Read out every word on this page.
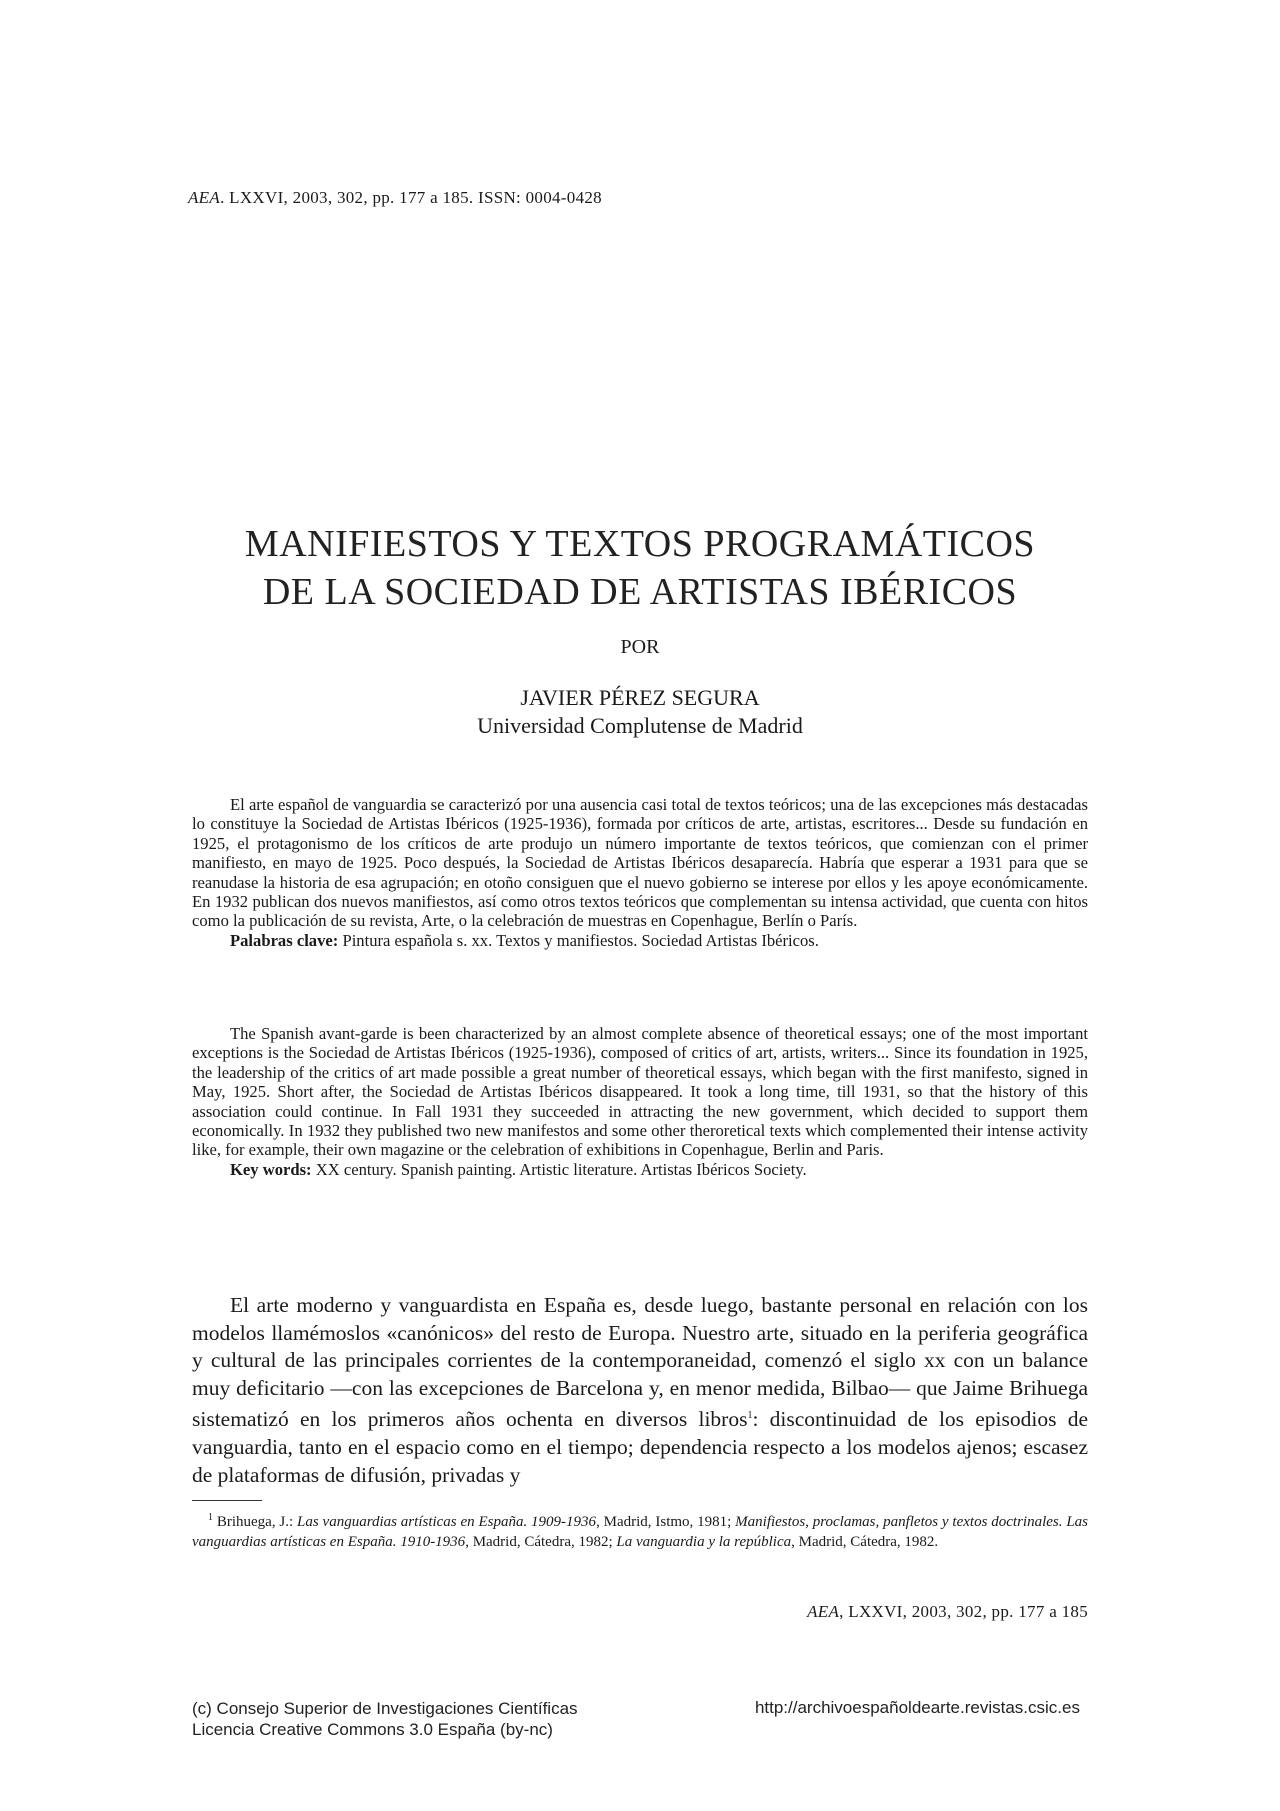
AEA. LXXVI, 2003, 302, pp. 177 a 185. ISSN: 0004-0428
MANIFIESTOS Y TEXTOS PROGRAMÁTICOS
DE LA SOCIEDAD DE ARTISTAS IBÉRICOS
POR
JAVIER PÉREZ SEGURA
Universidad Complutense de Madrid

El arte español de vanguardia se caracterizó por una ausencia casi total de textos teóricos; una de las excepciones más destacadas lo constituye la Sociedad de Artistas Ibéricos (1925-1936), formada por críticos de arte, artistas, escritores... Desde su fundación en 1925, el protagonismo de los críticos de arte produjo un número importante de textos teóricos, que comienzan con el primer manifiesto, en mayo de 1925. Poco después, la Sociedad de Artistas Ibéricos desaparecía. Habría que esperar a 1931 para que se reanudase la historia de esa agrupación; en otoño consiguen que el nuevo gobierno se interese por ellos y les apoye económicamente. En 1932 publican dos nuevos manifiestos, así como otros textos teóricos que complementan su intensa actividad, que cuenta con hitos como la publicación de su revista, Arte, o la celebración de muestras en Copenhague, Berlín o París.

Palabras clave: Pintura española s. xx. Textos y manifiestos. Sociedad Artistas Ibéricos.

The Spanish avant-garde is been characterized by an almost complete absence of theoretical essays; one of the most important exceptions is the Sociedad de Artistas Ibéricos (1925-1936), composed of critics of art, artists, writers... Since its foundation in 1925, the leadership of the critics of art made possible a great number of theoretical essays, which began with the first manifesto, signed in May, 1925. Short after, the Sociedad de Artistas Ibéricos disappeared. It took a long time, till 1931, so that the history of this association could continue. In Fall 1931 they succeeded in attracting the new government, which decided to support them economically. In 1932 they published two new manifestos and some other theroretical texts which complemented their intense activity like, for example, their own magazine or the celebration of exhibitions in Copenhague, Berlin and Paris.

Key words: XX century. Spanish painting. Artistic literature. Artistas Ibéricos Society.

El arte moderno y vanguardista en España es, desde luego, bastante personal en relación con los modelos llamémoslos «canónicos» del resto de Europa. Nuestro arte, situado en la periferia geográfica y cultural de las principales corrientes de la contemporaneidad, comenzó el siglo xx con un balance muy deficitario —con las excepciones de Barcelona y, en menor medida, Bilbao— que Jaime Brihuega sistematizó en los primeros años ochenta en diversos libros$^1$: discontinuidad de los episodios de vanguardia, tanto en el espacio como en el tiempo; dependencia respecto a los modelos ajenos; escasez de plataformas de difusión, privadas y

$^1$ Brihuega, J.: Las vanguardias artísticas en España. 1909-1936, Madrid, Istmo, 1981; Manifiestos, proclamas, panfletos y textos doctrinales. Las vanguardias artísticas en España. 1910-1936, Madrid, Cátedra, 1982; La vanguardia y la república, Madrid, Cátedra, 1982.

AEA, LXXVI, 2003, 302, pp. 177 a 185
(c) Consejo Superior de Investigaciones Científicas
Licencia Creative Commons 3.0 España (by-nc)
http://archivoespañoldearte.revistas.csic.es
